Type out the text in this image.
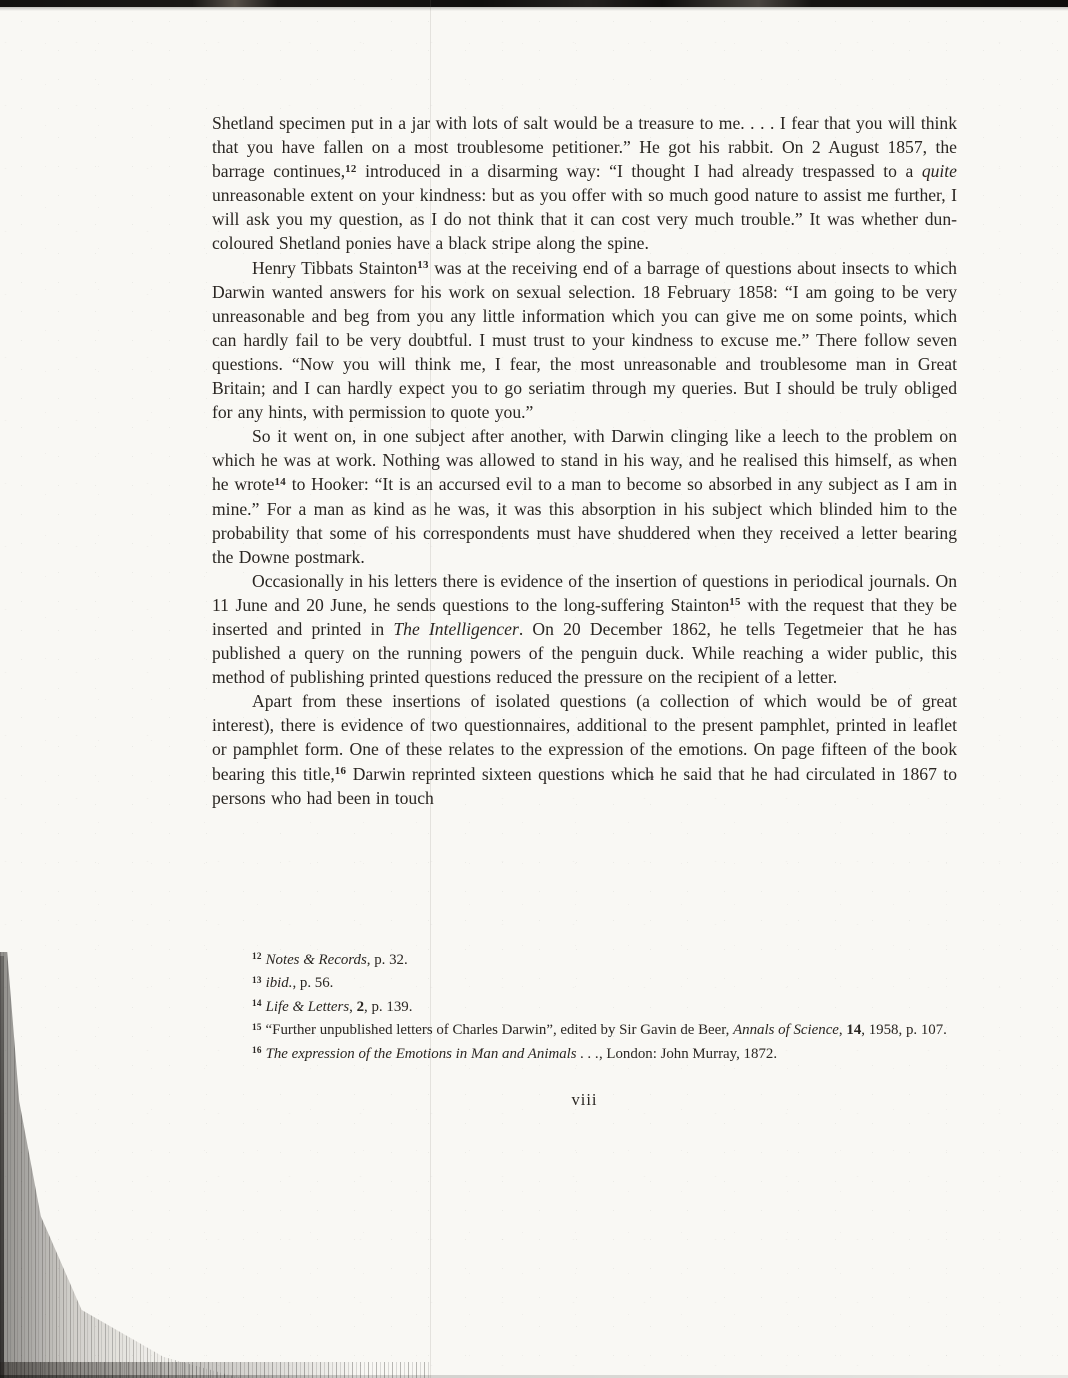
Shetland specimen put in a jar with lots of salt would be a treasure to me. . . . I fear that you will think that you have fallen on a most troublesome petitioner.” He got his rabbit. On 2 August 1857, the barrage continues,$^{12}$ introduced in a disarming way: “I thought I had already trespassed to a quite unreasonable extent on your kindness: but as you offer with so much good nature to assist me further, I will ask you my question, as I do not think that it can cost very much trouble.” It was whether dun-coloured Shetland ponies have a black stripe along the spine.

Henry Tibbats Stainton$^{13}$ was at the receiving end of a barrage of questions about insects to which Darwin wanted answers for his work on sexual selection. 18 February 1858: “I am going to be very unreasonable and beg from you any little information which you can give me on some points, which can hardly fail to be very doubtful. I must trust to your kindness to excuse me.” There follow seven questions. “Now you will think me, I fear, the most unreasonable and troublesome man in Great Britain; and I can hardly expect you to go seriatim through my queries. But I should be truly obliged for any hints, with permission to quote you.”

So it went on, in one subject after another, with Darwin clinging like a leech to the problem on which he was at work. Nothing was allowed to stand in his way, and he realised this himself, as when he wrote$^{14}$ to Hooker: “It is an accursed evil to a man to become so absorbed in any subject as I am in mine.” For a man as kind as he was, it was this absorption in his subject which blinded him to the probability that some of his correspondents must have shuddered when they received a letter bearing the Downe postmark.

Occasionally in his letters there is evidence of the insertion of questions in periodical journals. On 11 June and 20 June, he sends questions to the long-suffering Stainton$^{15}$ with the request that they be inserted and printed in The Intelligencer. On 20 December 1862, he tells Tegetmeier that he has published a query on the running powers of the penguin duck. While reaching a wider public, this method of publishing printed questions reduced the pressure on the recipient of a letter.

Apart from these insertions of isolated questions (a collection of which would be of great interest), there is evidence of two questionnaires, additional to the present pamphlet, printed in leaflet or pamphlet form. One of these relates to the expression of the emotions. On page fifteen of the book bearing this title,$^{16}$ Darwin reprinted sixteen questions which he said that he had circulated in 1867 to persons who had been in touch

$^{12}$ Notes & Records, p. 32.

$^{13}$ ibid., p. 56.

$^{14}$ Life & Letters, 2, p. 139.

$^{15}$ “Further unpublished letters of Charles Darwin”, edited by Sir Gavin de Beer, Annals of Science, 14, 1958, p. 107.

$^{16}$ The expression of the Emotions in Man and Animals . . ., London: John Murray, 1872.

viii
